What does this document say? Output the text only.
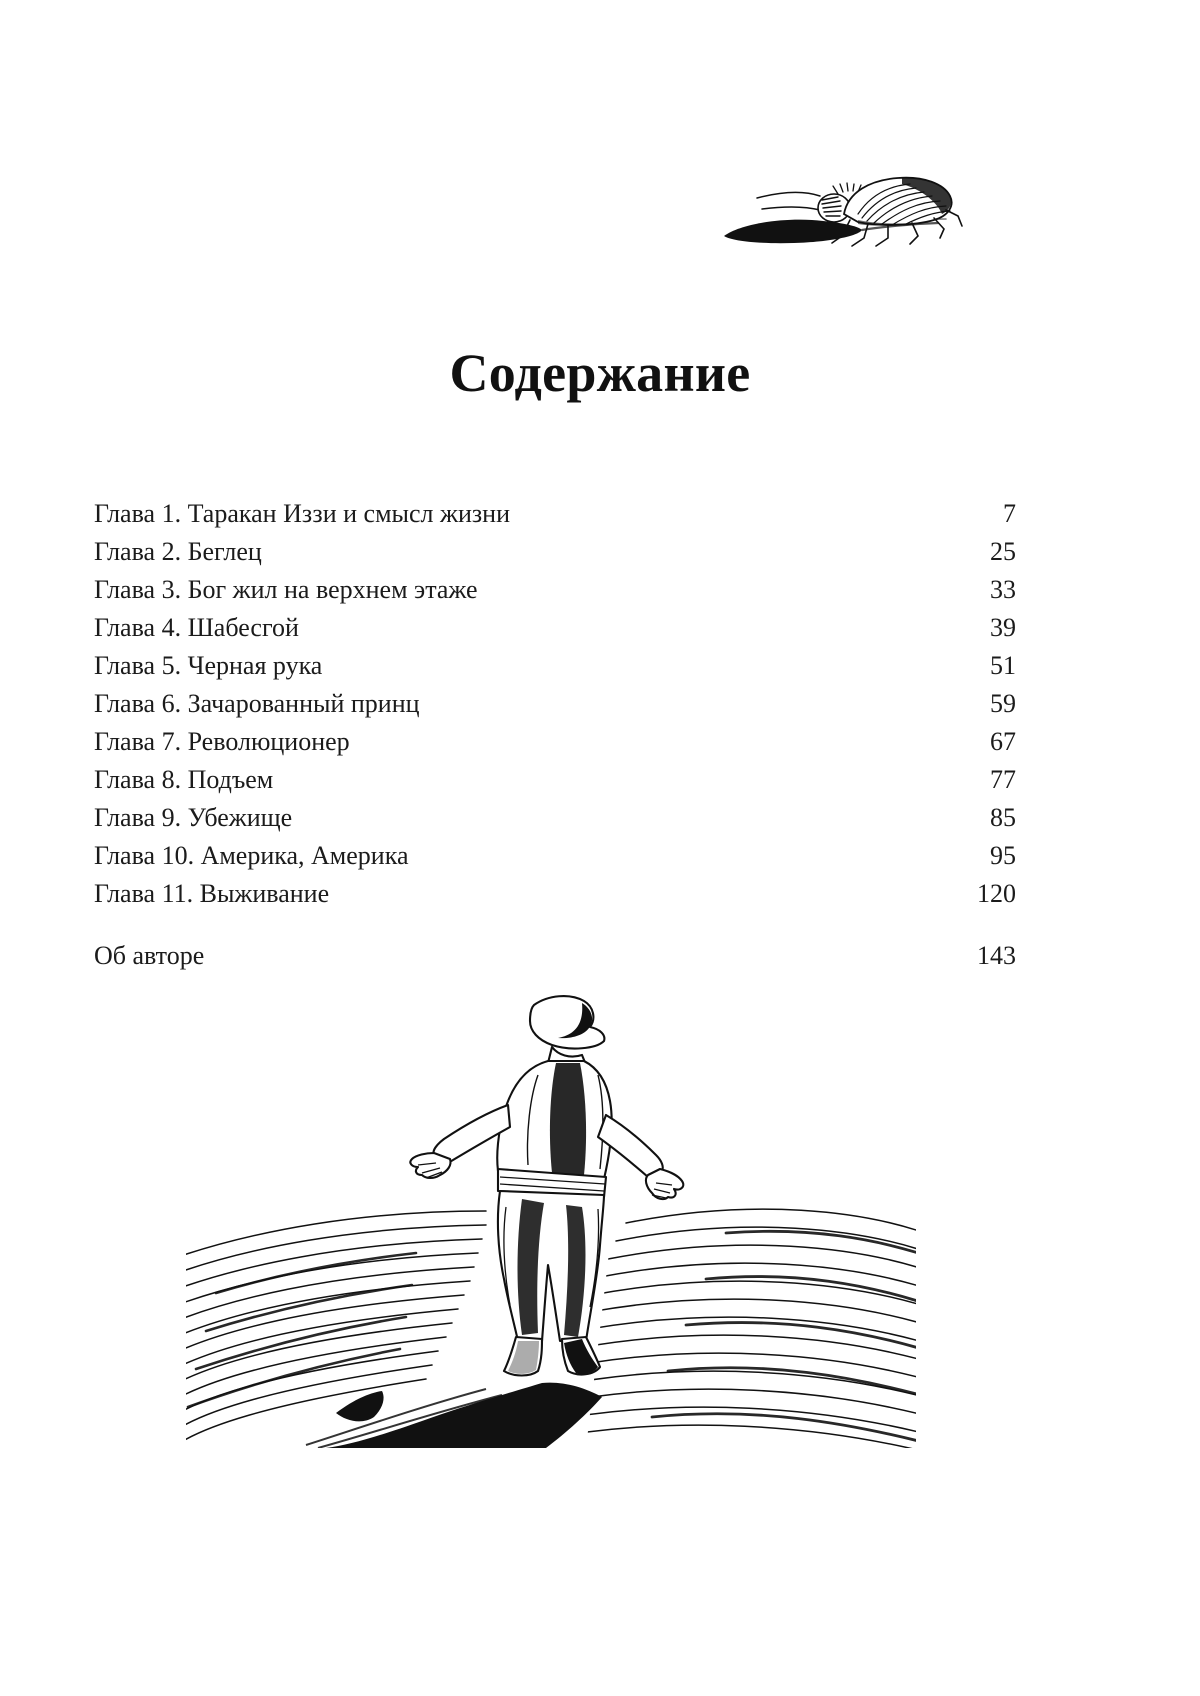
Содержание
Глава 1. Таракан Иззи и смысл жизни	7
Глава 2. Беглец	25
Глава 3. Бог жил на верхнем этаже	33
Глава 4. Шабесгой	39
Глава 5. Черная рука	51
Глава 6. Зачарованный принц	59
Глава 7. Революционер	67
Глава 8. Подъем	77
Глава 9. Убежище	85
Глава 10. Америка, Америка	95
Глава 11. Выживание	120
Об авторе	143
